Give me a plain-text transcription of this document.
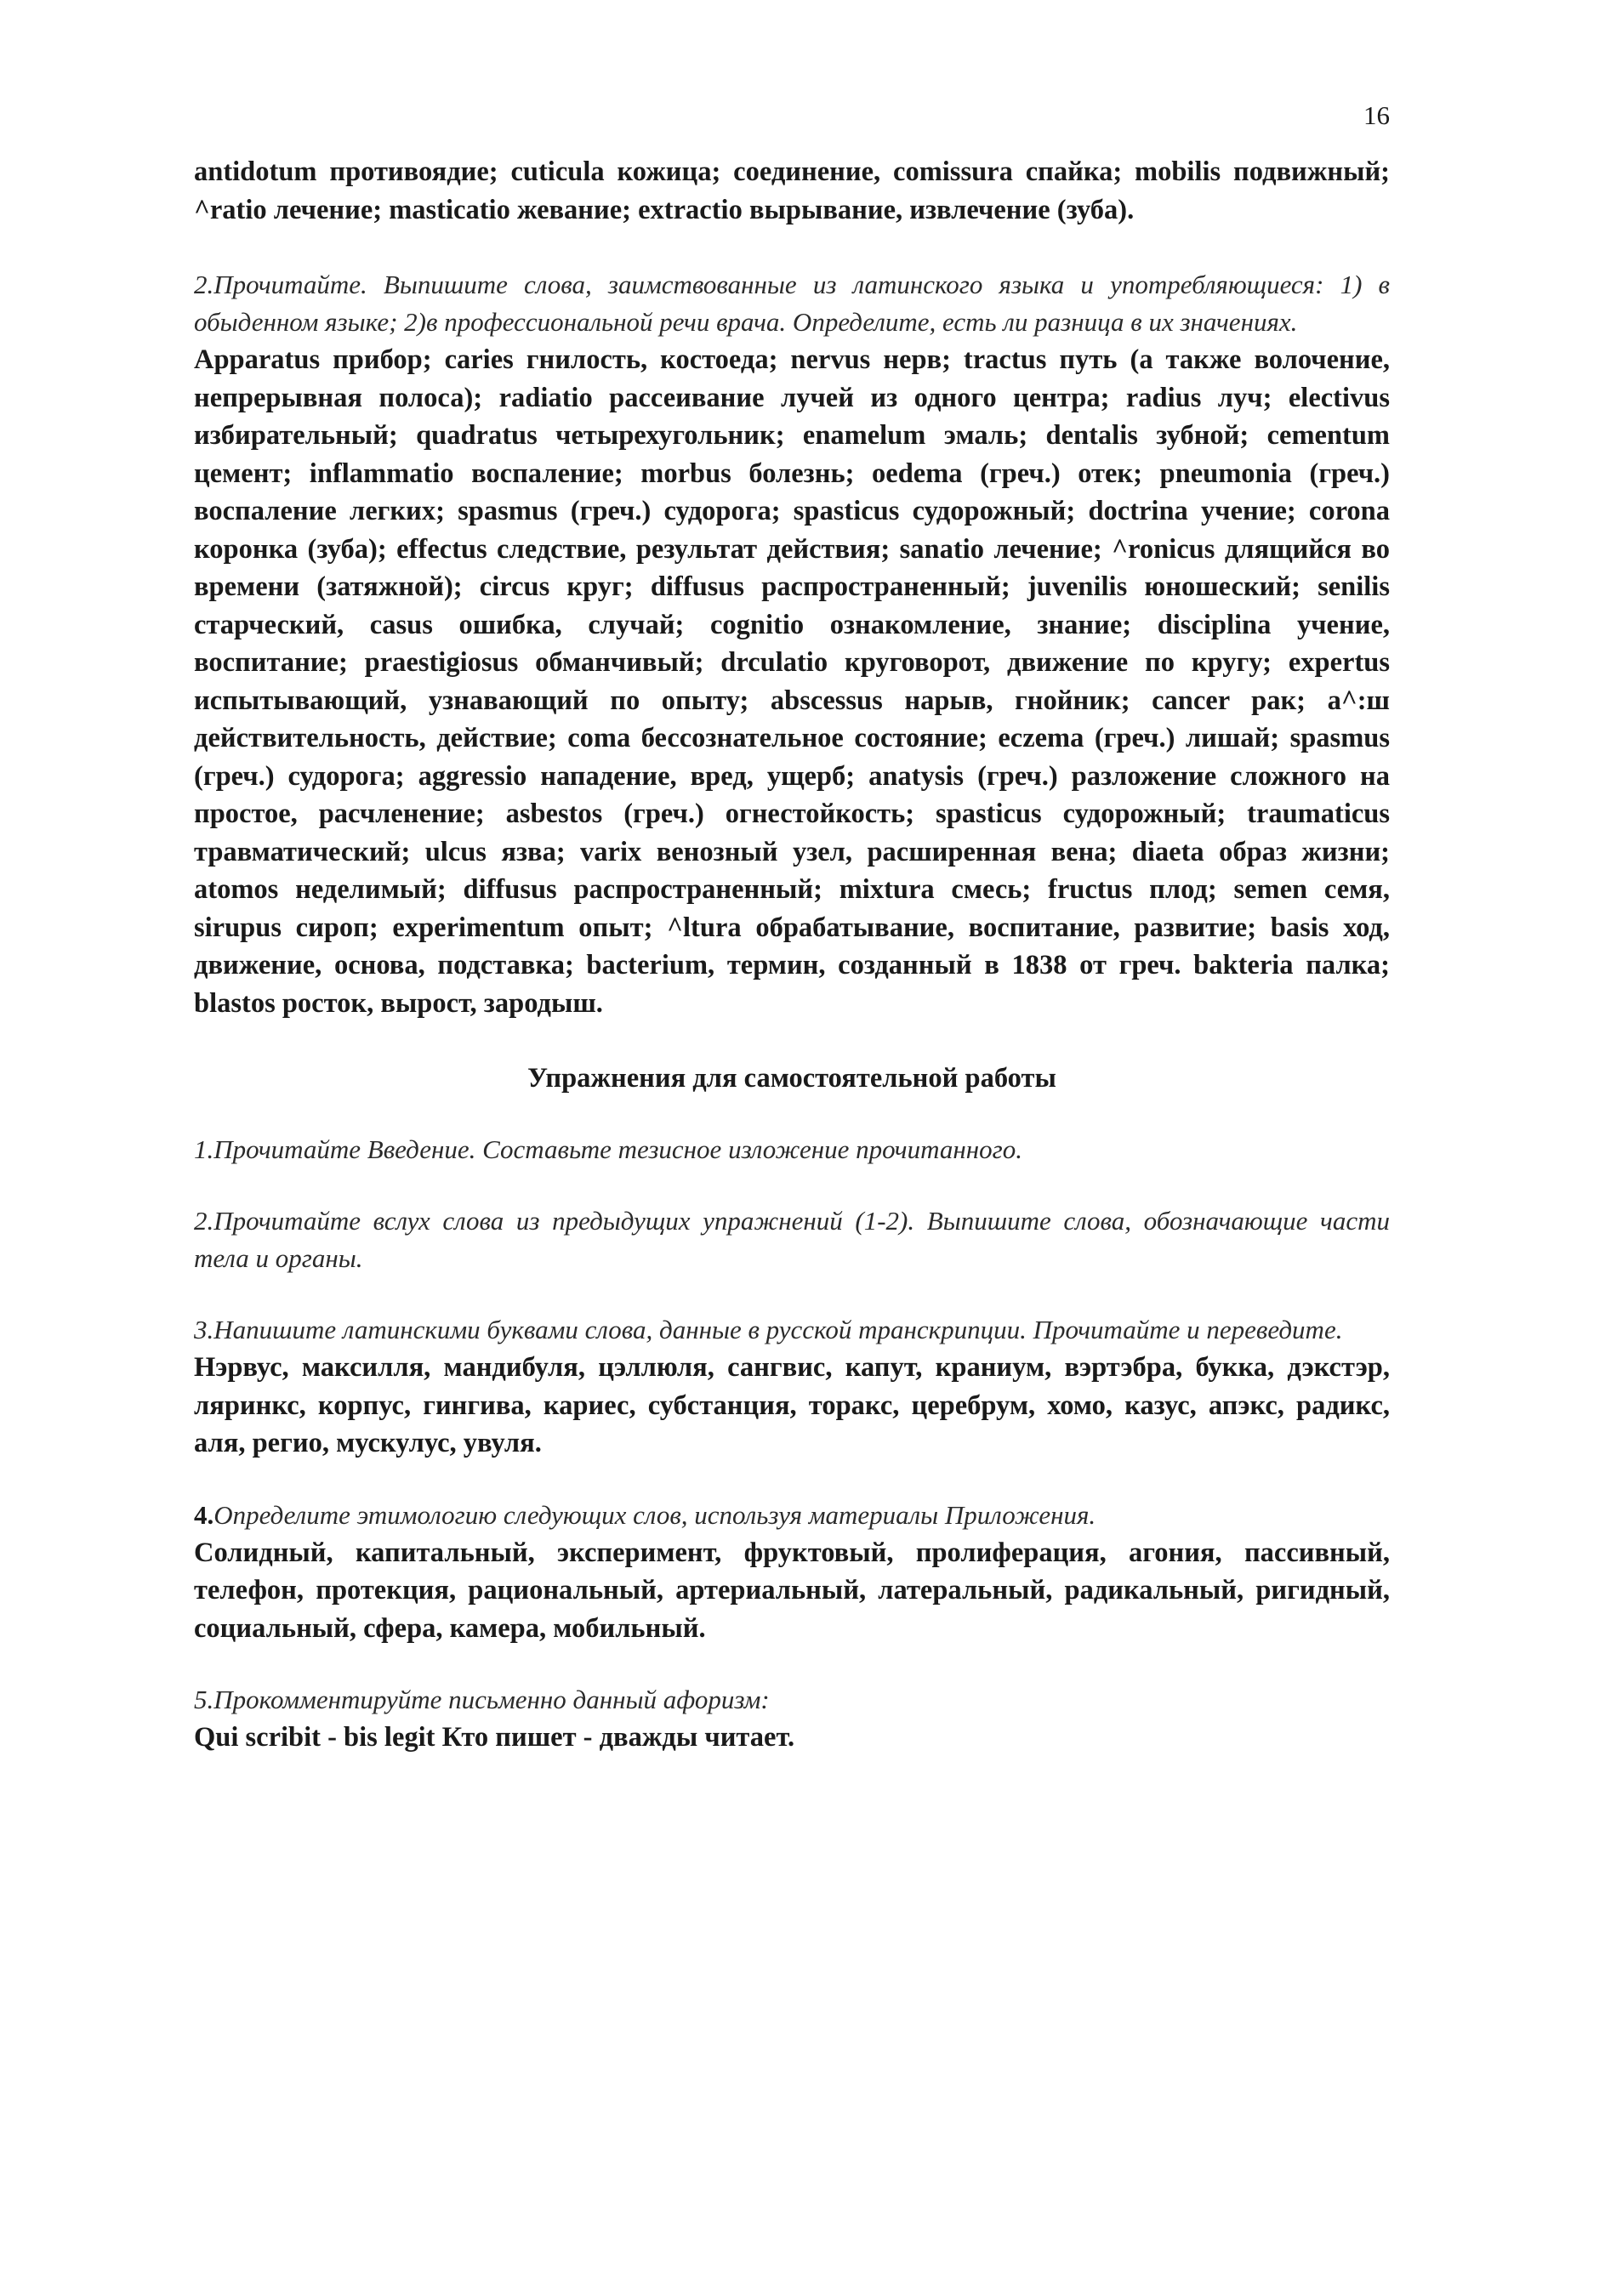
16

antidotum противоядие; cuticula кожица; соединение, comissura спайка; mobilis подвижный; ^ratio лечение; masticatio жевание; extractio вырывание, извлечение (зуба).

2.Прочитайте. Выпишите слова, заимствованные из латинского языка и употребляющиеся: 1) в обыденном языке; 2)в профессиональной речи врача. Определите, есть ли разница в их значениях.

Apparatus прибор; caries гнилость, костоеда; nervus нерв; tractus путь (а также волочение, непрерывная полоса); radiatio рассеивание лучей из одного центра; radius луч; electivus избирательный; quadratus четырехугольник; enamelum эмаль; dentalis зубной; cementum цемент; inflammatio воспаление; morbus болезнь; oedema (греч.) отек; pneumonia (греч.) воспаление легких; spasmus (греч.) судорога; spasticus судорожный; doctrina учение; corona коронка (зуба); effectus следствие, результат действия; sanatio лечение; ^ronicus длящийся во времени (затяжной); circus круг; diffusus распространенный; juvenilis юношеский; senilis старческий, casus ошибка, случай; cognitio ознакомление, знание; disciplina учение, воспитание; praestigiosus обманчивый; drculatio круговорот, движение по кругу; expertus испытывающий, узнавающий по опыту; abscessus нарыв, гнойник; cancer рак; a^:ш действительность, действие; coma бессознательное состояние; eczema (греч.) лишай; spasmus (греч.) судорога; aggressio нападение, вред, ущерб; anatysis (греч.) разложение сложного на простое, расчленение; asbestos (греч.) огнестойкость; spasticus судорожный; traumaticus травматический; ulcus язва; varix венозный узел, расширенная вена; diaeta образ жизни; atomos неделимый; diffusus распространенный; mixtura смесь; fructus плод; semen семя, sirupus сироп; experimentum опыт; ^ltura обрабатывание, воспитание, развитие; basis ход, движение, основа, подставка; bacterium, термин, созданный в 1838 от греч. bakteria палка; blastos росток, вырост, зародыш.

Упражнения для самостоятельной работы

1.Прочитайте Введение. Составьте тезисное изложение прочитанного.

2.Прочитайте вслух слова из предыдущих упражнений (1-2). Выпишите слова, обозначающие части тела и органы.

3.Напишите латинскими буквами слова, данные в русской транскрипции. Прочитайте и переведите.

Нэрвус, максилля, мандибуля, цэллюля, сангвис, капут, краниум, вэртэбра, букка, дэкстэр, ляринкс, корпус, гингива, кариес, субстанция, торакс, церебрум, хомо, казус, апэкс, радикс, аля, регио, мускулус, увуля.

4.Определите этимологию следующих слов, используя материалы Приложения.

Солидный, капитальный, эксперимент, фруктовый, пролиферация, агония, пассивный, телефон, протекция, рациональный, артериальный, латеральный, радикальный, ригидный, социальный, сфера, камера, мобильный.

5.Прокомментируйте письменно данный афоризм:

Qui scribit - bis legit Кто пишет - дважды читает.
